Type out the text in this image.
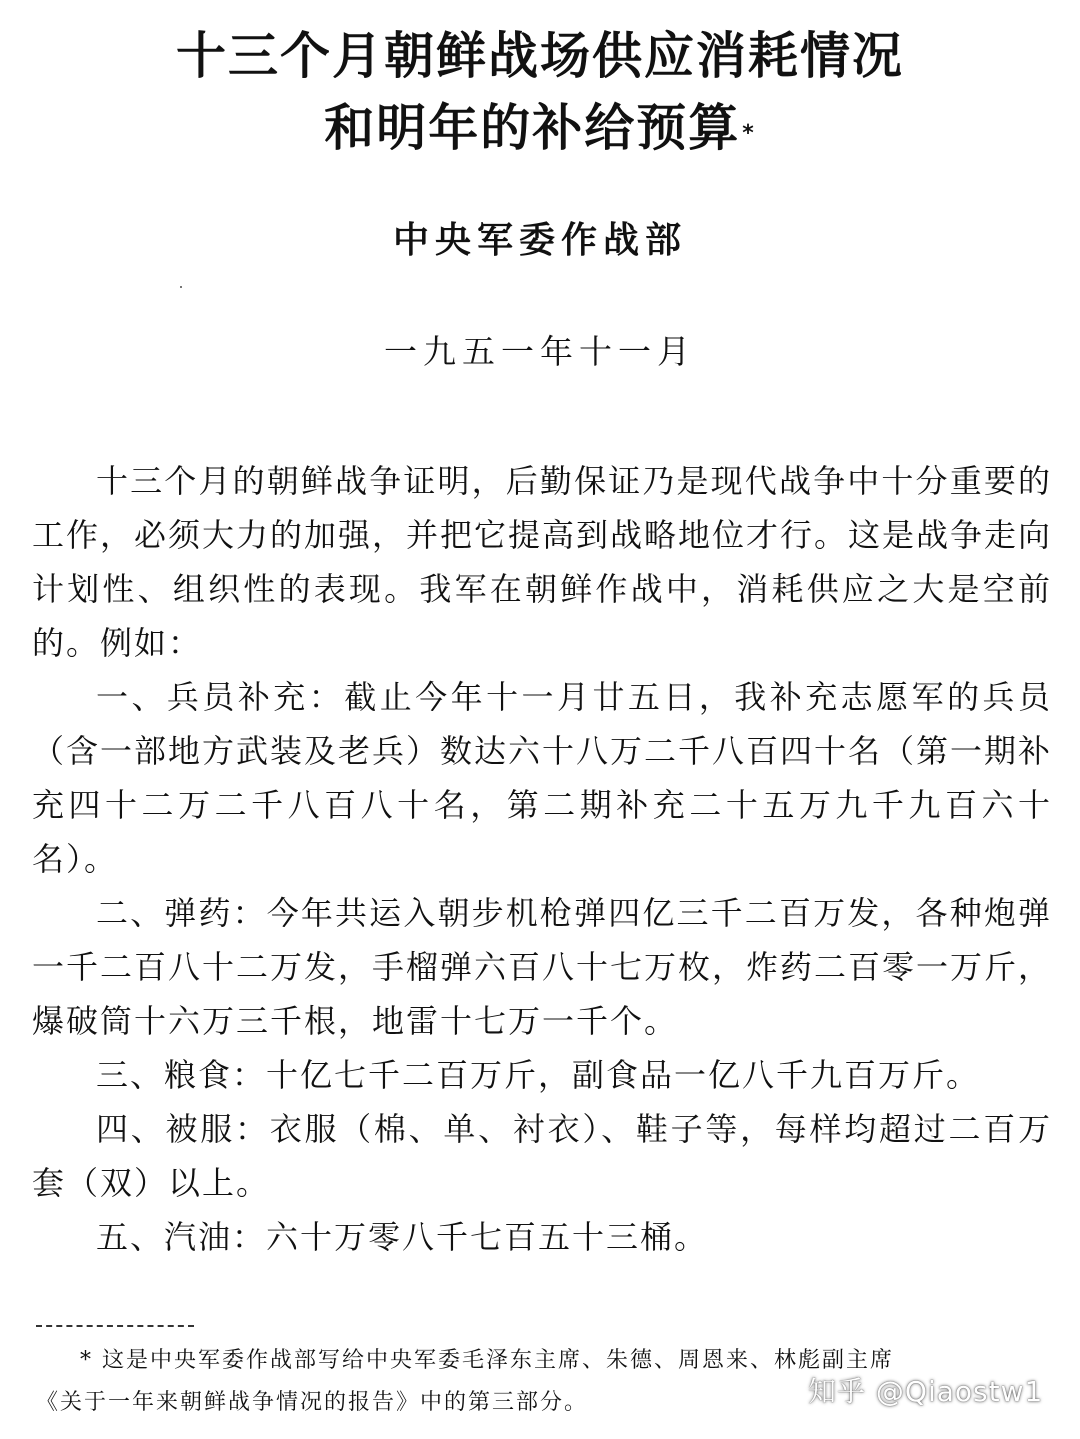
十三个月朝鲜战场供应消耗情况
和明年的补给预算*
中央军委作战部
一九五一年十一月

十三个月的朝鲜战争证明，后勤保证乃是现代战争中十分重要的工作，必须大力的加强，并把它提高到战略地位才行。这是战争走向计划性、组织性的表现。我军在朝鲜作战中，消耗供应之大是空前的。例如：

一、兵员补充：截止今年十一月廿五日，我补充志愿军的兵员（含一部地方武装及老兵）数达六十八万二千八百四十名（第一期补充四十二万二千八百八十名，第二期补充二十五万九千九百六十名）。

二、弹药：今年共运入朝步机枪弹四亿三千二百万发，各种炮弹一千二百八十二万发，手榴弹六百八十七万枚，炸药二百零一万斤，爆破筒十六万三千根，地雷十七万一千个。

三、粮食：十亿七千二百万斤，副食品一亿八千九百万斤。

四、被服：衣服（棉、单、衬衣）、鞋子等，每样均超过二百万套（双）以上。

五、汽油：六十万零八千七百五十三桶。

* 这是中央军委作战部写给中央军委毛泽东主席、朱德、周恩来、林彪副主席

《关于一年来朝鲜战争情况的报告》中的第三部分。	知乎 @Qiaostw1
